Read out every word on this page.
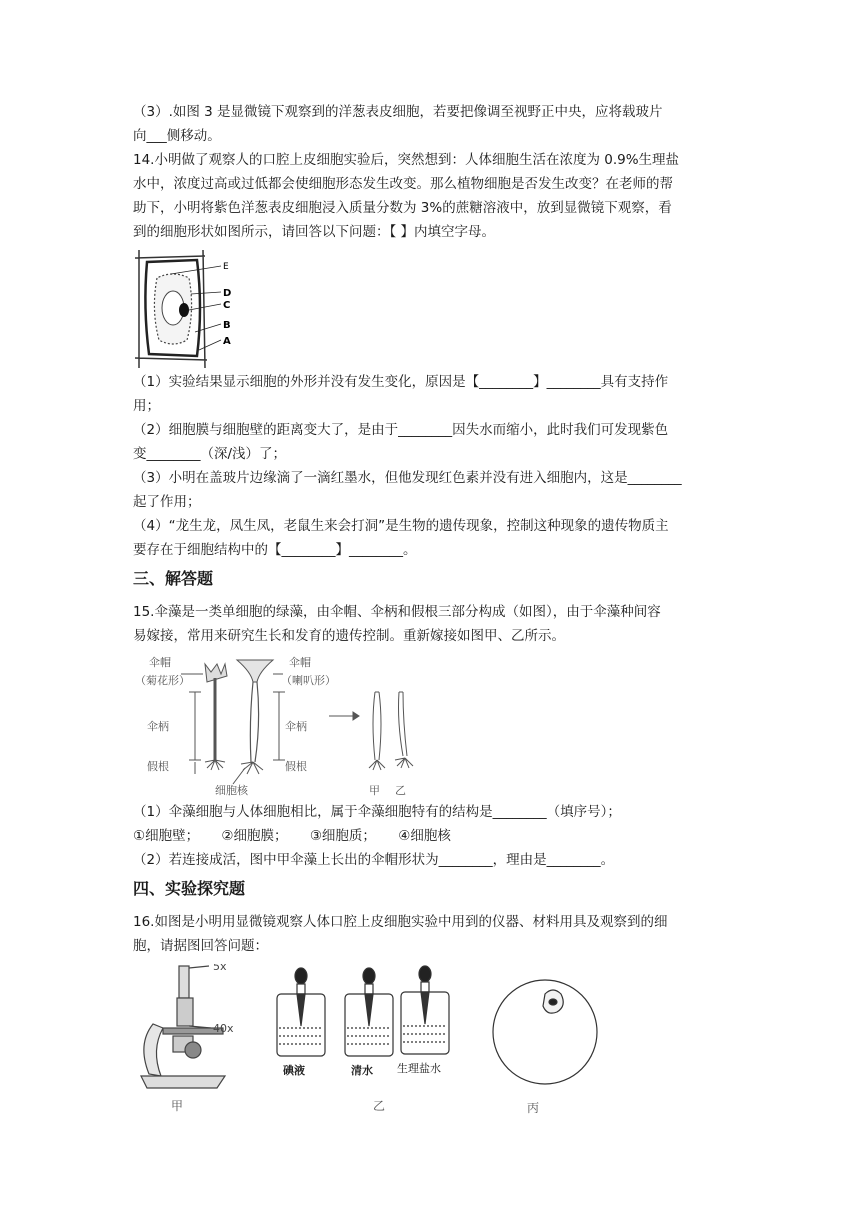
（3）.如图 3 是显微镜下观察到的洋葱表皮细胞，若要把像调至视野正中央，应将载玻片

向___侧移动。

14.小明做了观察人的口腔上皮细胞实验后，突然想到：人体细胞生活在浓度为 0.9%生理盐

水中，浓度过高或过低都会使细胞形态发生改变。那么植物细胞是否发生改变？在老师的帮

助下，小明将紫色洋葱表皮细胞浸入质量分数为 3%的蔗糖溶液中，放到显微镜下观察，看

到的细胞形状如图所示，请回答以下问题：【 】内填空字母。

E
D
C
B
A

（1）实验结果显示细胞的外形并没有发生变化，原因是【________】________具有支持作

用；

（2）细胞膜与细胞壁的距离变大了，是由于________因失水而缩小，此时我们可发现紫色

变________（深/浅）了；

（3）小明在盖玻片边缘滴了一滴红墨水，但他发现红色素并没有进入细胞内，这是________

起了作用；

（4）“龙生龙，凤生凤，老鼠生来会打洞”是生物的遗传现象，控制这种现象的遗传物质主

要存在于细胞结构中的【________】________。

三、解答题

15.伞藻是一类单细胞的绿藻，由伞帽、伞柄和假根三部分构成（如图），由于伞藻种间容

易嫁接，常用来研究生长和发育的遗传控制。重新嫁接如图甲、乙所示。

伞帽
（菊花形）
伞帽
（喇叭形）
伞柄	伞柄
假根	假根
细胞核	甲 乙

（1）伞藻细胞与人体细胞相比，属于伞藻细胞特有的结构是________（填序号）；

①细胞壁； ②细胞膜； ③细胞质； ④细胞核

（2）若连接成活，图中甲伞藻上长出的伞帽形状为________，理由是________。

四、实验探究题

16.如图是小明用显微镜观察人体口腔上皮细胞实验中用到的仪器、材料用具及观察到的细

胞，请据图回答问题：

5x
40x
甲
碘液	清水 生理盐水
乙	丙
